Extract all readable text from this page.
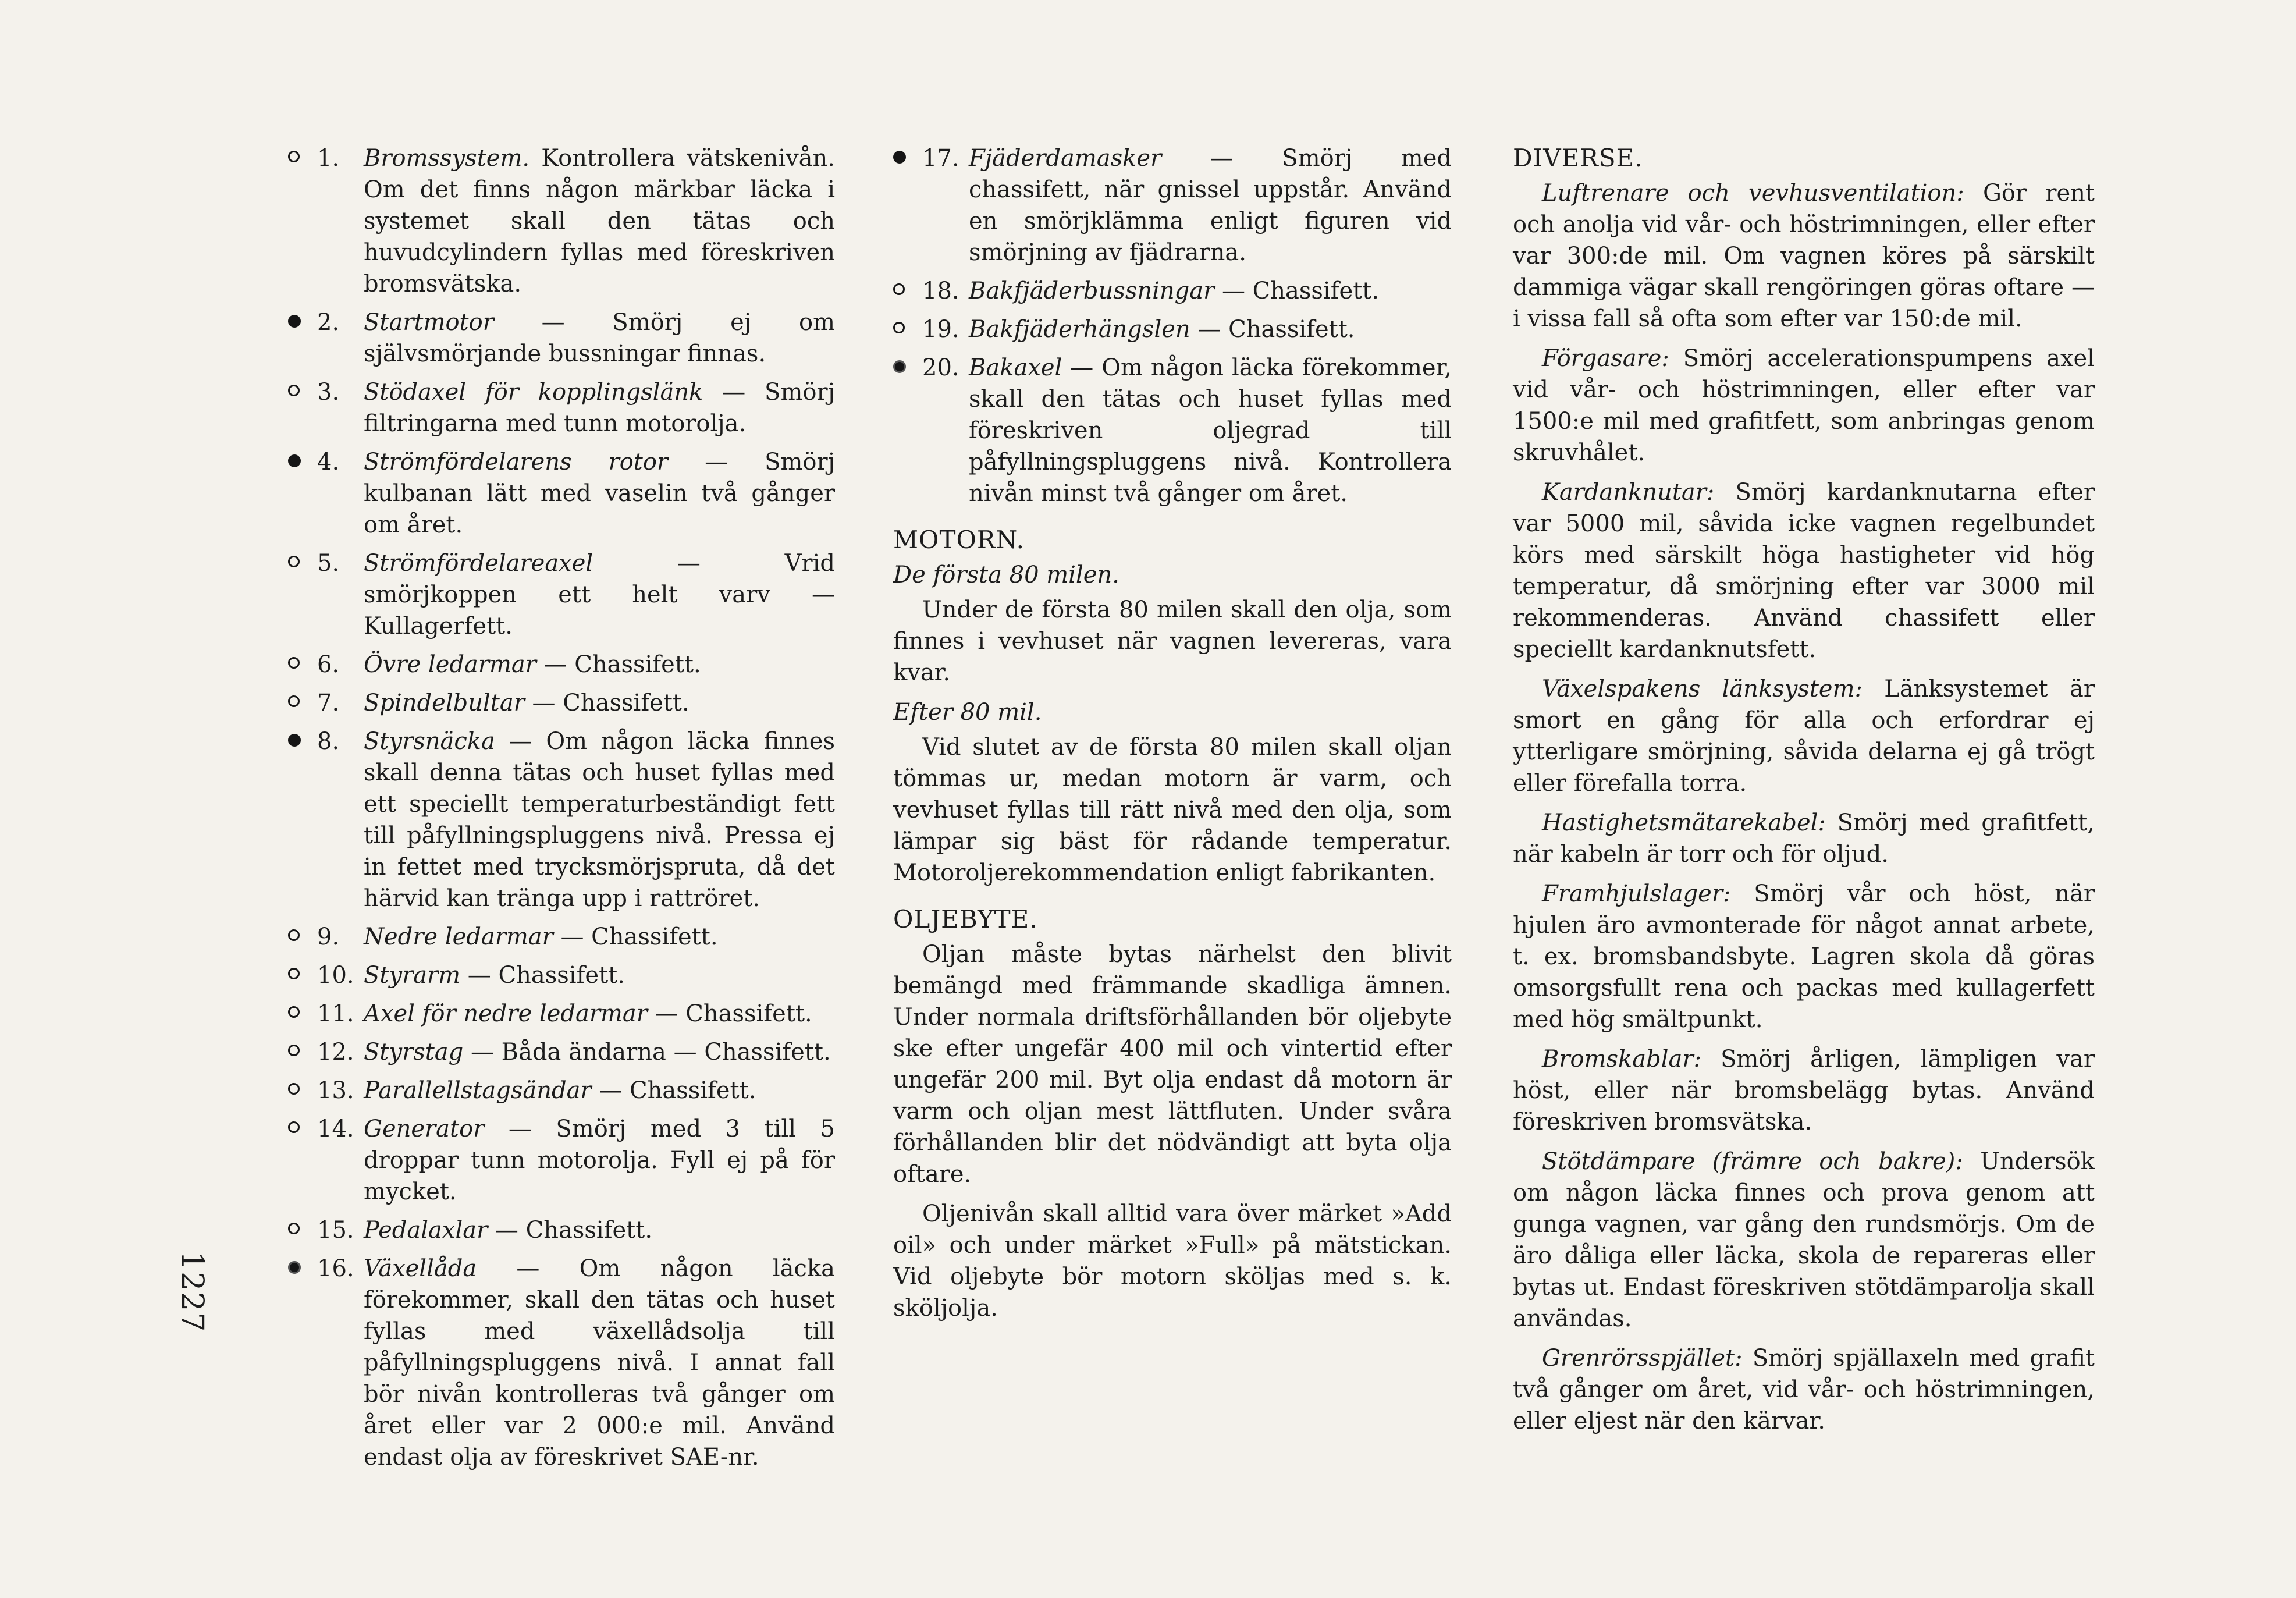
1227
1.	Bromssystem. Kontrollera vätskenivån. Om det finns någon märkbar läcka i systemet skall den tätas och huvudcylindern fyllas med föreskriven bromsvätska.
2.	Startmotor — Smörj ej om självsmörjande bussningar finnas.
3.	Stödaxel för kopplingslänk — Smörj filtringarna med tunn motorolja.
4.	Strömfördelarens rotor — Smörj kulbanan lätt med vaselin två gånger om året.
5.	Strömfördelareaxel — Vrid smörjkoppen ett helt varv — Kullagerfett.
6.	Övre ledarmar — Chassifett.
7.	Spindelbultar — Chassifett.
8.	Styrsnäcka — Om någon läcka finnes skall denna tätas och huset fyllas med ett speciellt temperaturbeständigt fett till påfyllningspluggens nivå. Pressa ej in fettet med trycksmörjspruta, då det härvid kan tränga upp i rattröret.
9.	Nedre ledarmar — Chassifett.
10. Styrarm — Chassifett.
11. Axel för nedre ledarmar — Chassifett.
12. Styrstag — Båda ändarna — Chassifett.
13. Parallellstagsändar — Chassifett.
14. Generator — Smörj med 3 till 5 droppar tunn motorolja. Fyll ej på för mycket.
15. Pedalaxlar — Chassifett.
16. Växellåda — Om någon läcka förekommer, skall den tätas och huset fyllas med växellådsolja till påfyllningspluggens nivå. I annat fall bör nivån kontrolleras två gånger om året eller var 2 000:e mil. Använd endast olja av föreskrivet SAE-nr.
17. Fjäderdamasker — Smörj med chassifett, när gnissel uppstår. Använd en smörjklämma enligt figuren vid smörjning av fjädrarna.
18. Bakfjäderbussningar — Chassifett.
19. Bakfjäderhängslen — Chassifett.
20. Bakaxel — Om någon läcka förekommer, skall den tätas och huset fyllas med föreskriven oljegrad till påfyllningspluggens nivå. Kontrollera nivån minst två gånger om året.
MOTORN.
De första 80 milen.
Under de första 80 milen skall den olja, som finnes i vevhuset när vagnen levereras, vara kvar.
Efter 80 mil.
Vid slutet av de första 80 milen skall oljan tömmas ur, medan motorn är varm, och vevhuset fyllas till rätt nivå med den olja, som lämpar sig bäst för rådande temperatur. Motoroljerekommendation enligt fabrikanten.
OLJEBYTE.
Oljan måste bytas närhelst den blivit bemängd med främmande skadliga ämnen. Under normala driftsförhållanden bör oljebyte ske efter ungefär 400 mil och vintertid efter ungefär 200 mil. Byt olja endast då motorn är varm och oljan mest lättfluten. Under svåra förhållanden blir det nödvändigt att byta olja oftare.
Oljenivån skall alltid vara över märket »Add oil» och under märket »Full» på mätstickan. Vid oljebyte bör motorn sköljas med s. k. sköljolja.
DIVERSE.
Luftrenare och vevhusventilation: Gör rent och anolja vid vår- och höstrimningen, eller efter var 300:de mil. Om vagnen köres på särskilt dammiga vägar skall rengöringen göras oftare — i vissa fall så ofta som efter var 150:de mil.
Förgasare: Smörj accelerationspumpens axel vid vår- och höstrimningen, eller efter var 1500:e mil med grafitfett, som anbringas genom skruvhålet.
Kardanknutar: Smörj kardanknutarna efter var 5000 mil, såvida icke vagnen regelbundet körs med särskilt höga hastigheter vid hög temperatur, då smörjning efter var 3000 mil rekommenderas. Använd chassifett eller speciellt kardanknutsfett.
Växelspakens länksystem: Länksystemet är smort en gång för alla och erfordrar ej ytterligare smörjning, såvida delarna ej gå trögt eller förefalla torra.
Hastighetsmätarekabel: Smörj med grafitfett, när kabeln är torr och för oljud.
Framhjulslager: Smörj vår och höst, när hjulen äro avmonterade för något annat arbete, t. ex. bromsbandsbyte. Lagren skola då göras omsorgsfullt rena och packas med kullagerfett med hög smältpunkt.
Bromskablar: Smörj årligen, lämpligen var höst, eller när bromsbelägg bytas. Använd föreskriven bromsvätska.
Stötdämpare (främre och bakre): Undersök om någon läcka finnes och prova genom att gunga vagnen, var gång den rundsmörjs. Om de äro dåliga eller läcka, skola de repareras eller bytas ut. Endast föreskriven stötdämparolja skall användas.
Grenrörsspjället: Smörj spjällaxeln med grafit två gånger om året, vid vår- och höstrimningen, eller eljest när den kärvar.
